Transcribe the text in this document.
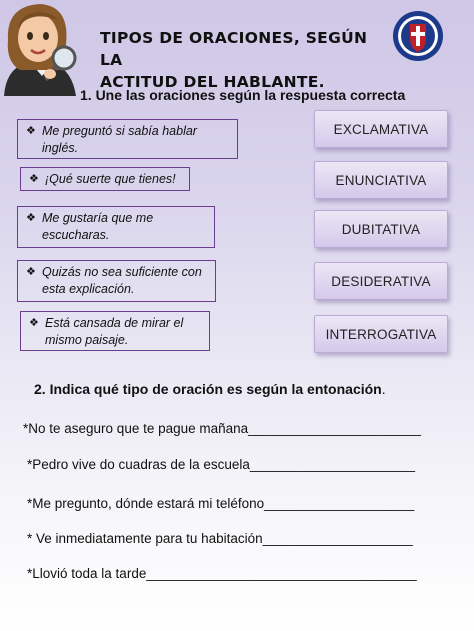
TIPOS DE ORACIONES, SEGÚN LA
ACTITUD DEL HABLANTE.
1. Une las oraciones según la respuesta correcta
❖ Me preguntó si sabía hablar
inglés.
❖ ¡Qué suerte que tienes!
❖ Me gustaría que me
escucharas.
❖ Quizás no sea suficiente con
esta explicación.
❖ Está cansada de mirar el
mismo paisaje.
EXCLAMATIVA
ENUNCIATIVA
DUBITATIVA
DESIDERATIVA
INTERROGATIVA
2. Indica qué tipo de oración es según la entonación.
*No te aseguro que te pague mañana_______________________
*Pedro vive do cuadras de la escuela______________________
*Me pregunto, dónde estará mi teléfono____________________
* Ve inmediatamente para tu habitación____________________
*Llovió toda la tarde____________________________________
